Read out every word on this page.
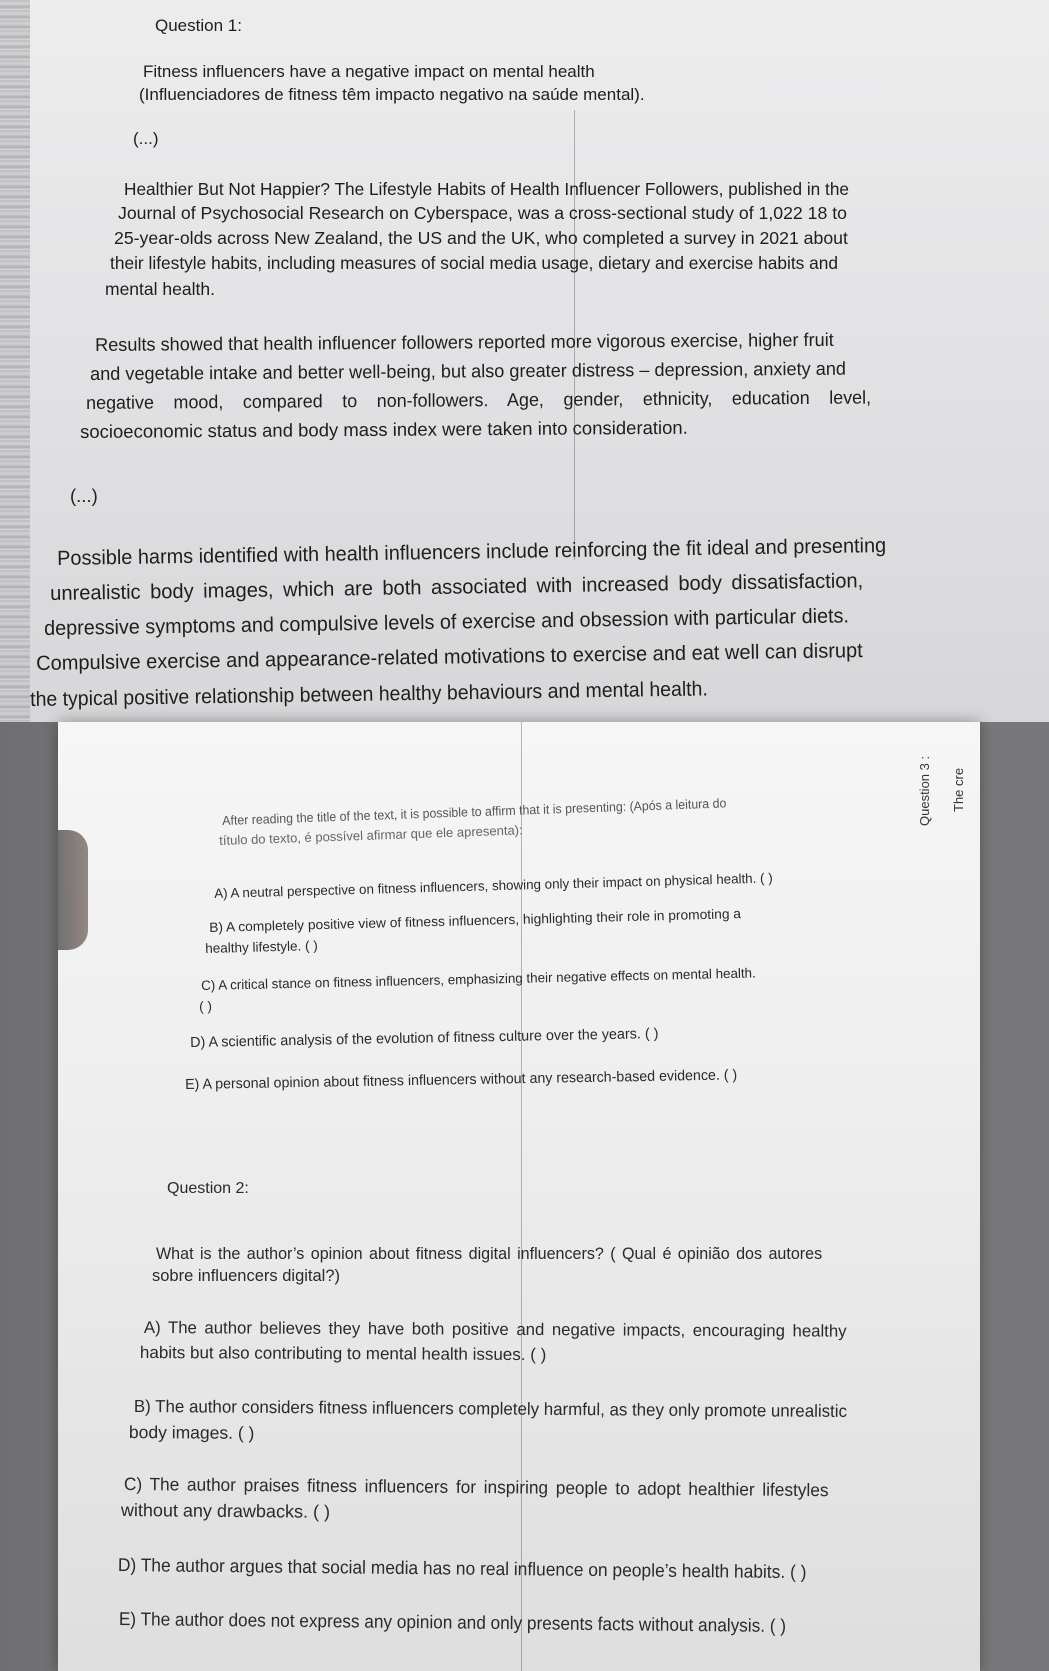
Question 1:
Fitness influencers have a negative impact on mental health
(Influenciadores de fitness têm impacto negativo na saúde mental).
(...)
Healthier But Not Happier? The Lifestyle Habits of Health Influencer Followers, published in the
Journal of Psychosocial Research on Cyberspace, was a cross-sectional study of 1,022 18 to
25-year-olds across New Zealand, the US and the UK, who completed a survey in 2021 about
their lifestyle habits, including measures of social media usage, dietary and exercise habits and
mental health.
Results showed that health influencer followers reported more vigorous exercise, higher fruit
and vegetable intake and better well-being, but also greater distress – depression, anxiety and
negative mood, compared to non-followers. Age, gender, ethnicity, education level,
socioeconomic status and body mass index were taken into consideration.
(...)
Possible harms identified with health influencers include reinforcing the fit ideal and presenting
unrealistic body images, which are both associated with increased body dissatisfaction,
depressive symptoms and compulsive levels of exercise and obsession with particular diets.
Compulsive exercise and appearance-related motivations to exercise and eat well can disrupt
the typical positive relationship between healthy behaviours and mental health.
After reading the title of the text, it is possible to affirm that it is presenting: (Após a leitura do
título do texto, é possível afirmar que ele apresenta):
A) A neutral perspective on fitness influencers, showing only their impact on physical health. ( )
B) A completely positive view of fitness influencers, highlighting their role in promoting a
healthy lifestyle. ( )
C) A critical stance on fitness influencers, emphasizing their negative effects on mental health.
( )
D) A scientific analysis of the evolution of fitness culture over the years. ( )
E) A personal opinion about fitness influencers without any research-based evidence. ( )
Question 3 : The cre
Question 2:
What is the author’s opinion about fitness digital influencers? ( Qual é opinião dos autores
sobre influencers digital?)
A) The author believes they have both positive and negative impacts, encouraging healthy
habits but also contributing to mental health issues. ( )
B) The author considers fitness influencers completely harmful, as they only promote unrealistic
body images. ( )
C) The author praises fitness influencers for inspiring people to adopt healthier lifestyles
without any drawbacks. ( )
D) The author argues that social media has no real influence on people’s health habits. ( )
E) The author does not express any opinion and only presents facts without analysis. ( )
